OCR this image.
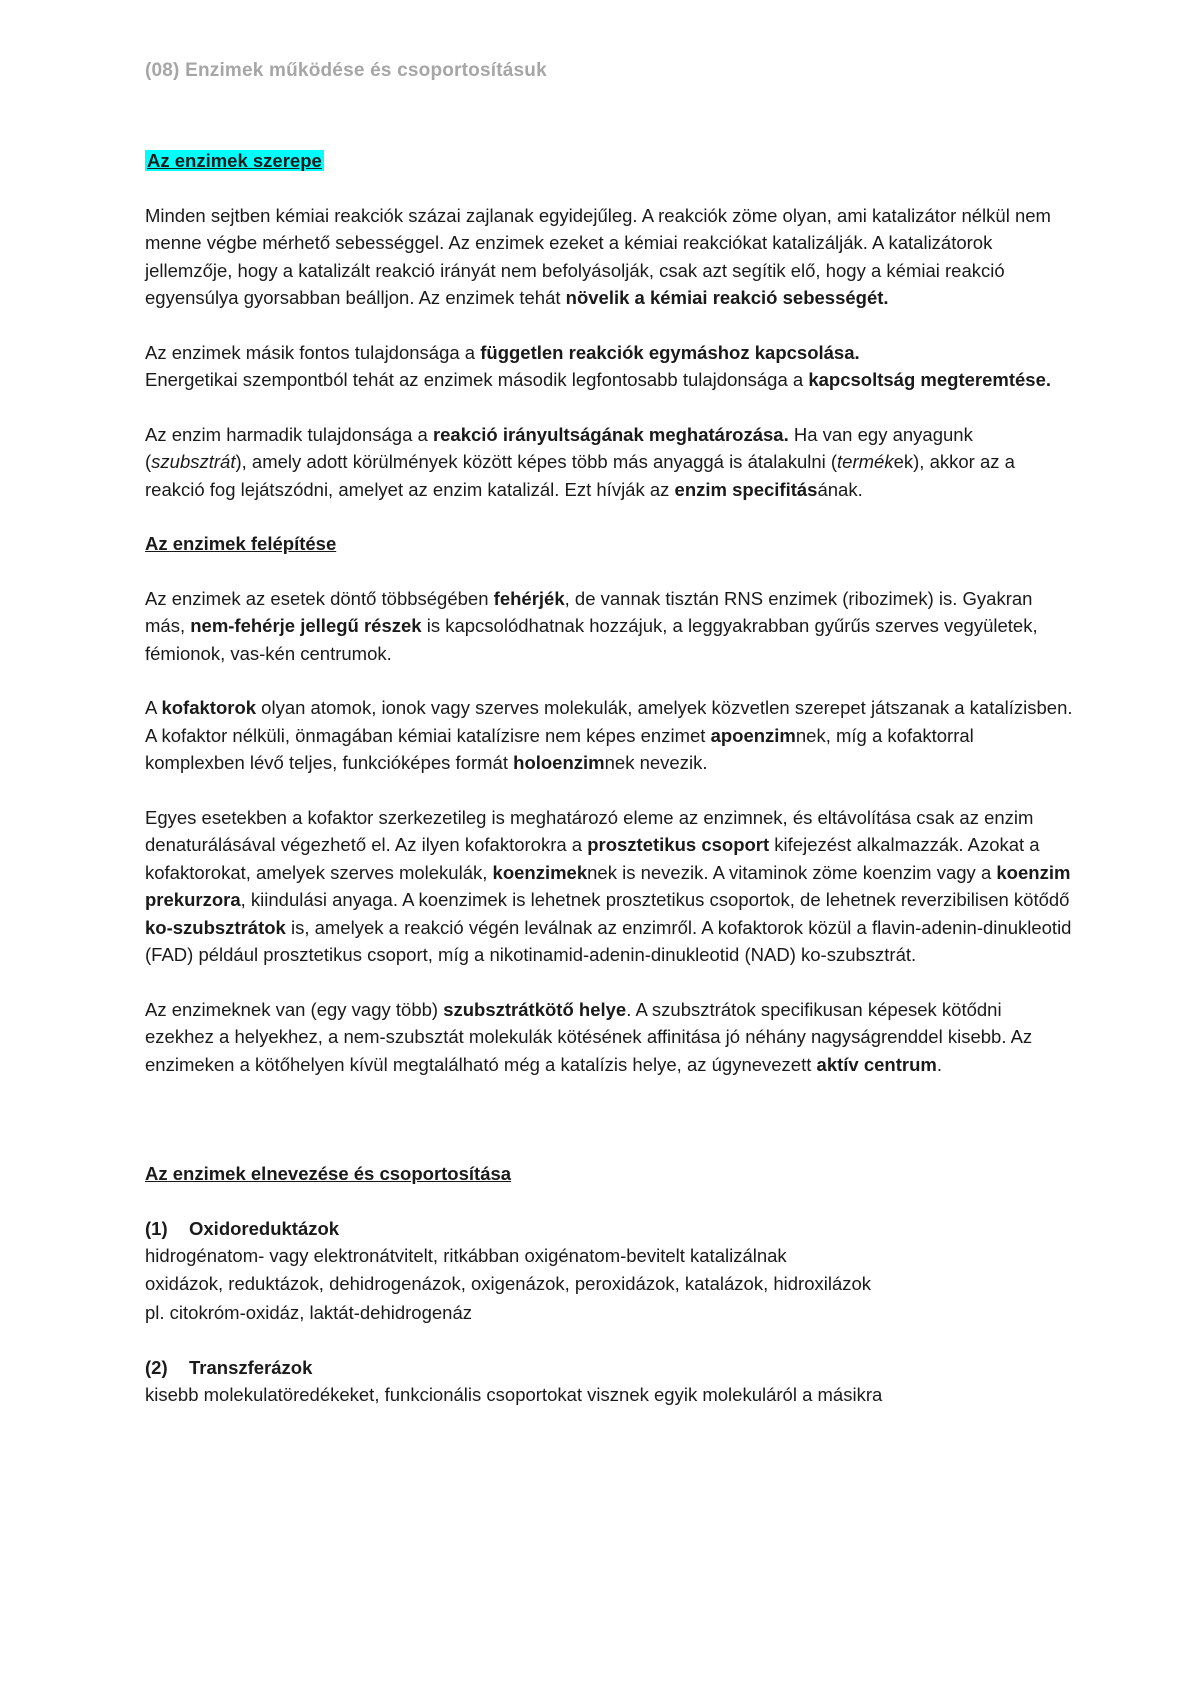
(08) Enzimek működése és csoportosításuk

Az enzimek szerepe

Minden sejtben kémiai reakciók százai zajlanak egyidejűleg. A reakciók zöme olyan, ami katalizátor nélkül nem menne végbe mérhető sebességgel. Az enzimek ezeket a kémiai reakciókat katalizálják. A katalizátorok jellemzője, hogy a katalizált reakció irányát nem befolyásolják, csak azt segítik elő, hogy a kémiai reakció egyensúlya gyorsabban beálljon. Az enzimek tehát növelik a kémiai reakció sebességét.

Az enzimek másik fontos tulajdonsága a független reakciók egymáshoz kapcsolása.
Energetikai szempontból tehát az enzimek második legfontosabb tulajdonsága a kapcsoltság megteremtése.

Az enzim harmadik tulajdonsága a reakció irányultságának meghatározása. Ha van egy anyagunk (szubsztrát), amely adott körülmények között képes több más anyaggá is átalakulni (termékek), akkor az a reakció fog lejátszódni, amelyet az enzim katalizál. Ezt hívják az enzim specifitásának.

Az enzimek felépítése

Az enzimek az esetek döntő többségében fehérjék, de vannak tisztán RNS enzimek (ribozimek) is. Gyakran más, nem-fehérje jellegű részek is kapcsolódhatnak hozzájuk, a leggyakrabban gyűrűs szerves vegyületek, fémionok, vas-kén centrumok.

A kofaktorok olyan atomok, ionok vagy szerves molekulák, amelyek közvetlen szerepet játszanak a katalízisben. A kofaktor nélküli, önmagában kémiai katalízisre nem képes enzimet apoenzimnek, míg a kofaktorral komplexben lévő teljes, funkcióképes formát holoenzimnek nevezik.

Egyes esetekben a kofaktor szerkezetileg is meghatározó eleme az enzimnek, és eltávolítása csak az enzim denaturálásával végezhető el. Az ilyen kofaktorokra a prosztetikus csoport kifejezést alkalmazzák. Azokat a kofaktorokat, amelyek szerves molekulák, koenzimeknek is nevezik. A vitaminok zöme koenzim vagy a koenzim prekurzora, kiindulási anyaga. A koenzimek is lehetnek prosztetikus csoportok, de lehetnek reverzibilisen kötődő ko-szubsztrátok is, amelyek a reakció végén leválnak az enzimről. A kofaktorok közül a flavin-adenin-dinukleotid (FAD) például prosztetikus csoport, míg a nikotinamid-adenin-dinukleotid (NAD) ko-szubsztrát.

Az enzimeknek van (egy vagy több) szubsztrátkötő helye. A szubsztrátok specifikusan képesek kötődni ezekhez a helyekhez, a nem-szubsztát molekulák kötésének affinitása jó néhány nagyságrenddel kisebb. Az enzimeken a kötőhelyen kívül megtalálható még a katalízis helye, az úgynevezett aktív centrum.

Az enzimek elnevezése és csoportosítása

(1) Oxidoreduktázok

hidrogénatom- vagy elektronátvitelt, ritkábban oxigénatom-bevitelt katalizálnak

oxidázok, reduktázok, dehidrogenázok, oxigenázok, peroxidázok, katalázok, hidroxilázok

pl. citokróm-oxidáz, laktát-dehidrogenáz

(2) Transzferázok

kisebb molekulatöredékeket, funkcionális csoportokat visznek egyik molekuláról a másikra
